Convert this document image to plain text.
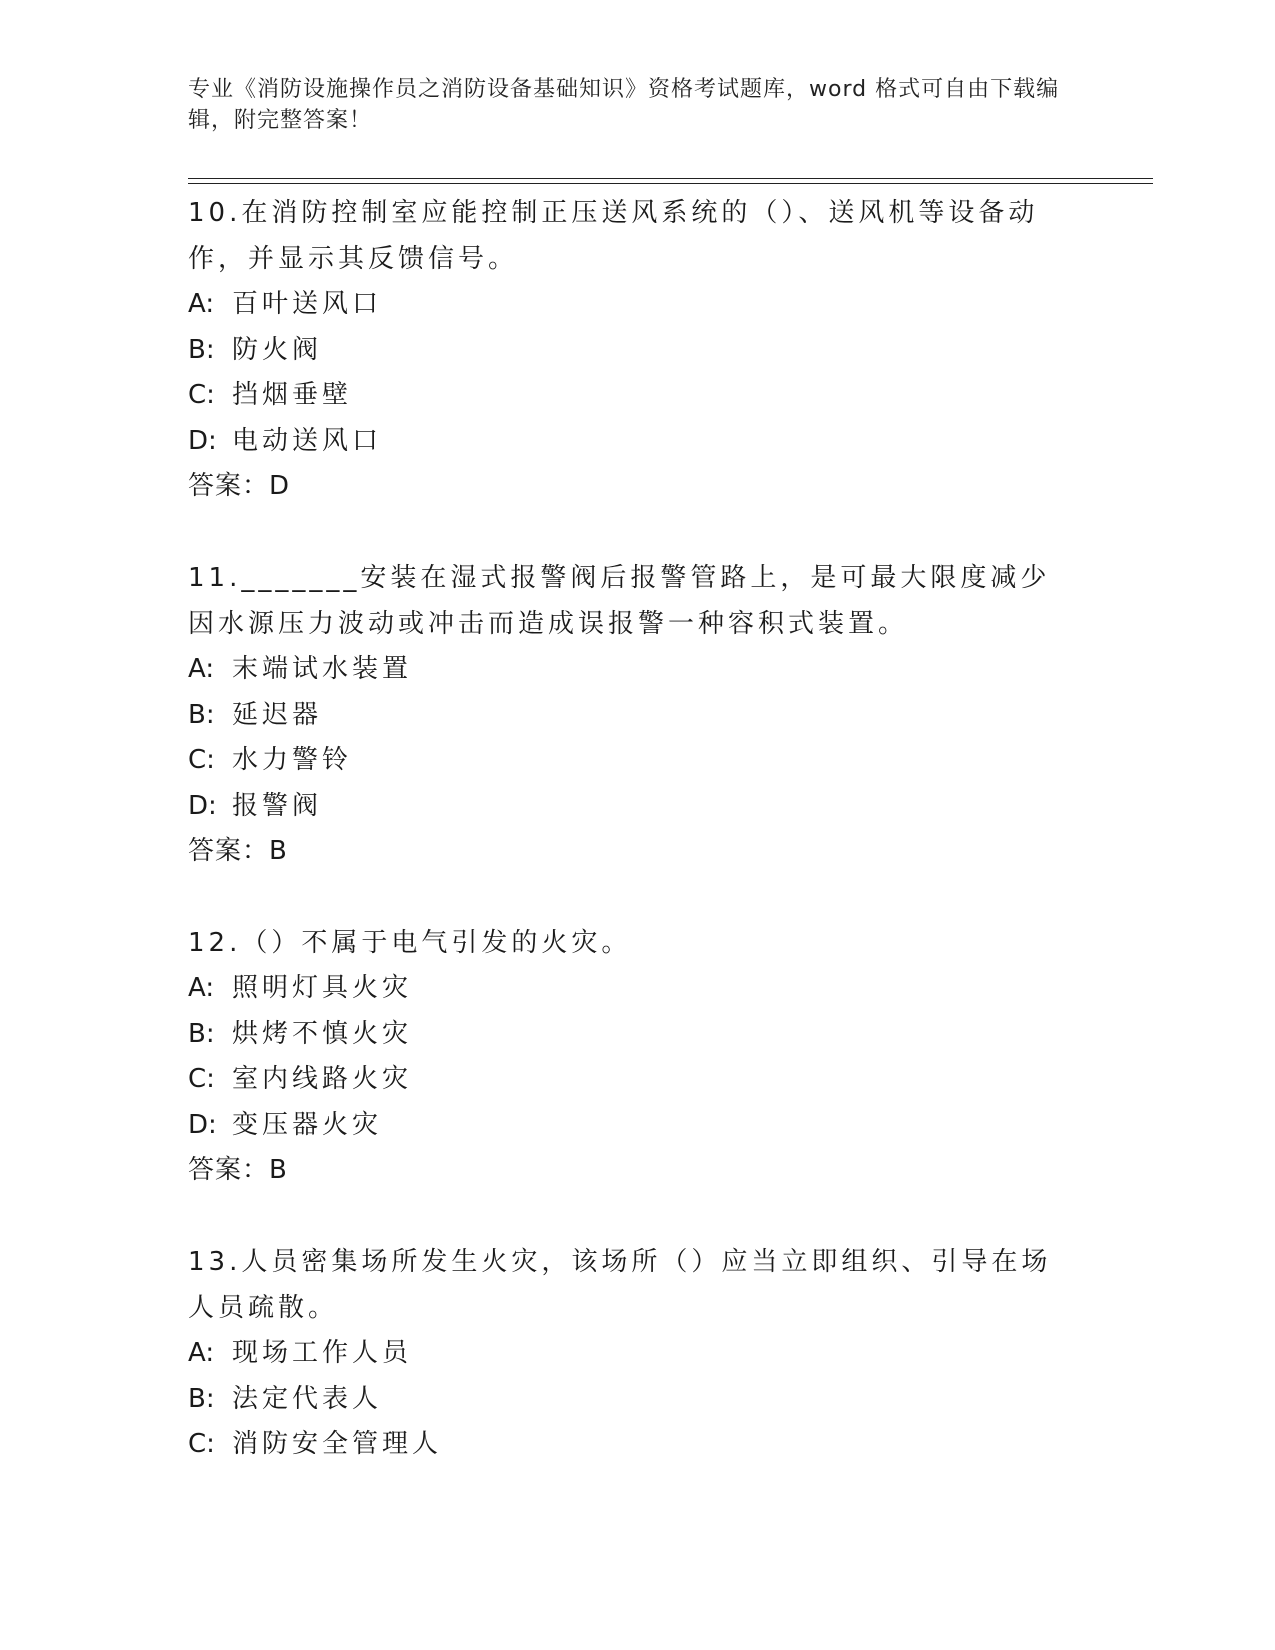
专业《消防设施操作员之消防设备基础知识》资格考试题库，word 格式可自由下载编辑，附完整答案！

10.在消防控制室应能控制正压送风系统的（）、送风机等设备动作，并显示其反馈信号。

A: 百叶送风口

B: 防火阀

C: 挡烟垂壁

D: 电动送风口

答案：D

11._______安装在湿式报警阀后报警管路上，是可最大限度减少因水源压力波动或冲击而造成误报警一种容积式装置。

A: 末端试水装置

B: 延迟器

C: 水力警铃

D: 报警阀

答案：B

12.（）不属于电气引发的火灾。

A: 照明灯具火灾

B: 烘烤不慎火灾

C: 室内线路火灾

D: 变压器火灾

答案：B

13.人员密集场所发生火灾，该场所（）应当立即组织、引导在场人员疏散。

A: 现场工作人员

B: 法定代表人

C: 消防安全管理人
